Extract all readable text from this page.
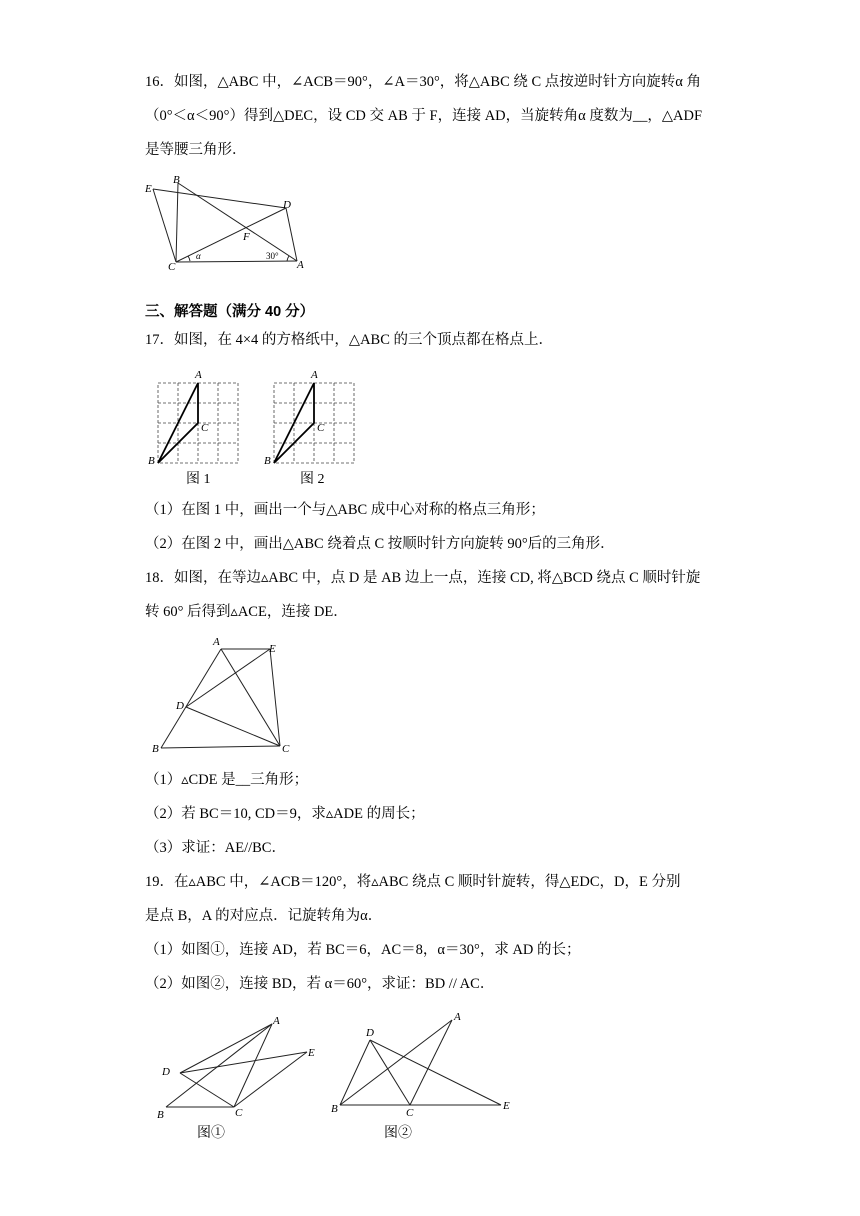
16．如图，△ABC 中，∠ACB＝90°，∠A＝30°，将△ABC 绕 C 点按逆时针方向旋转α 角
（0°＜α＜90°）得到△DEC，设 CD 交 AB 于 F，连接 AD，当旋转角α 度数为__，△ADF
是等腰三角形．
E
B
D
F
C	A
α	30°
三、解答题（满分 40 分）
17．如图，在 4×4 的方格纸中，△ABC 的三个顶点都在格点上．
A
B
C
图 1
A
B
C
图 2
（1）在图 1 中，画出一个与△ABC 成中心对称的格点三角形；
（2）在图 2 中，画出△ABC 绕着点 C 按顺时针方向旋转 90°后的三角形．
18．如图，在等边▵ABC 中，点 D 是 AB 边上一点，连接 CD, 将△BCD 绕点 C 顺时针旋
转 60° 后得到▵ACE，连接 DE．
A
E
D
B	C
（1）▵CDE 是__三角形；
（2）若 BC＝10, CD＝9，求▵ADE 的周长；
（3）求证：AE//BC．
19．在▵ABC 中，∠ACB＝120°，将▵ABC 绕点 C 顺时针旋转，得△EDC，D，E 分别
是点 B，A 的对应点．记旋转角为α．
（1）如图①，连接 AD，若 BC＝6，AC＝8，α＝30°，求 AD 的长；
（2）如图②，连接 BD，若 α＝60°，求证：BD // AC．
A
D
E
B	C
图①
A
D
B	C
E
图②
